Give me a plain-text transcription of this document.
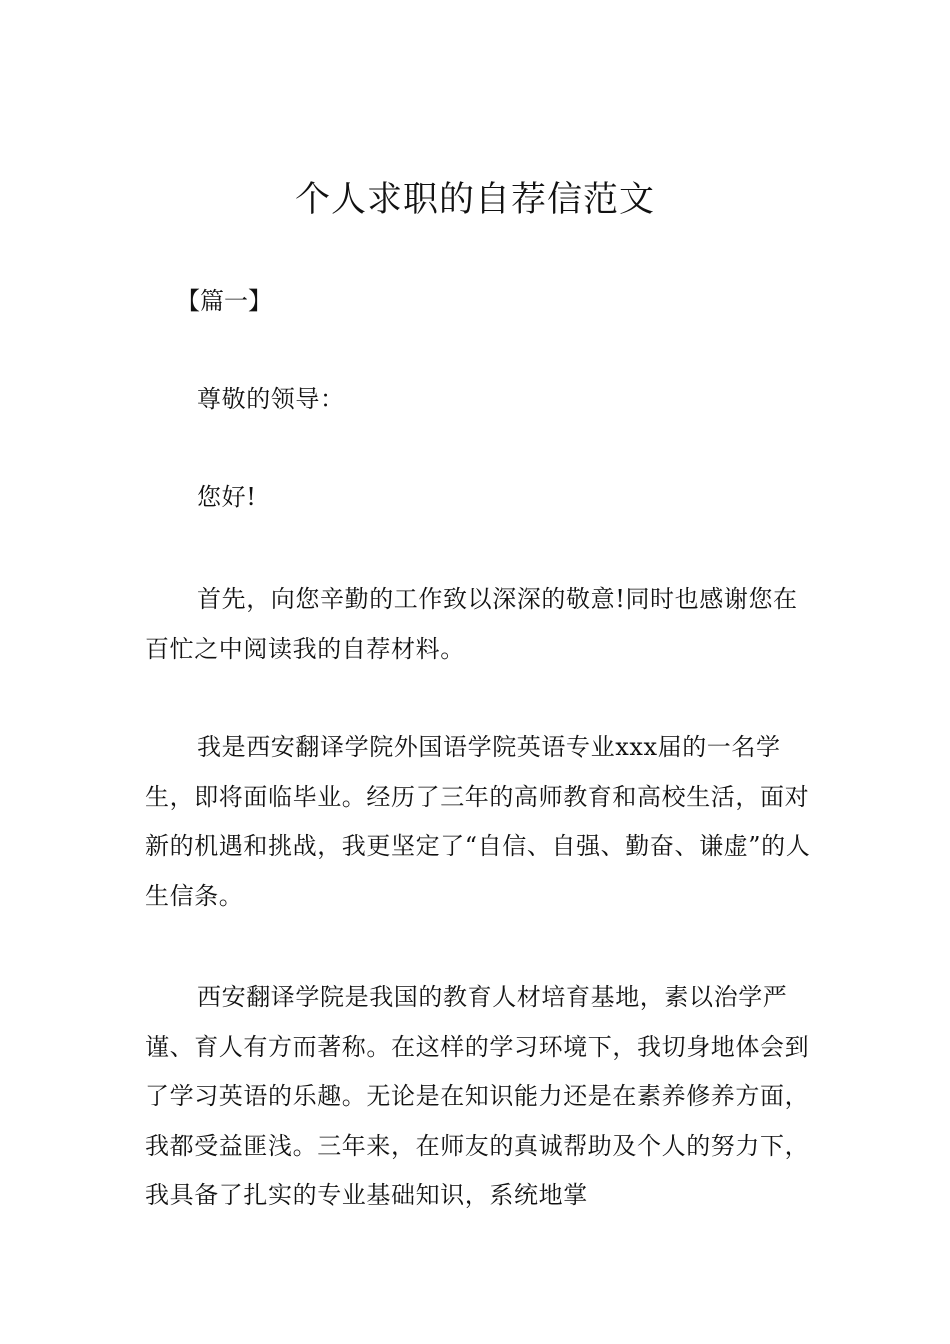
个人求职的自荐信范文
【篇一】

尊敬的领导：

您好!

首先，向您辛勤的工作致以深深的敬意!同时也感谢您在百忙之中阅读我的自荐材料。

我是西安翻译学院外国语学院英语专业xxx届的一名学生，即将面临毕业。经历了三年的高师教育和高校生活，面对新的机遇和挑战，我更坚定了“自信、自强、勤奋、谦虚”的人生信条。

西安翻译学院是我国的教育人材培育基地，素以治学严谨、育人有方而著称。在这样的学习环境下，我切身地体会到了学习英语的乐趣。无论是在知识能力还是在素养修养方面，我都受益匪浅。三年来，在师友的真诚帮助及个人的努力下，我具备了扎实的专业基础知识，系统地掌
